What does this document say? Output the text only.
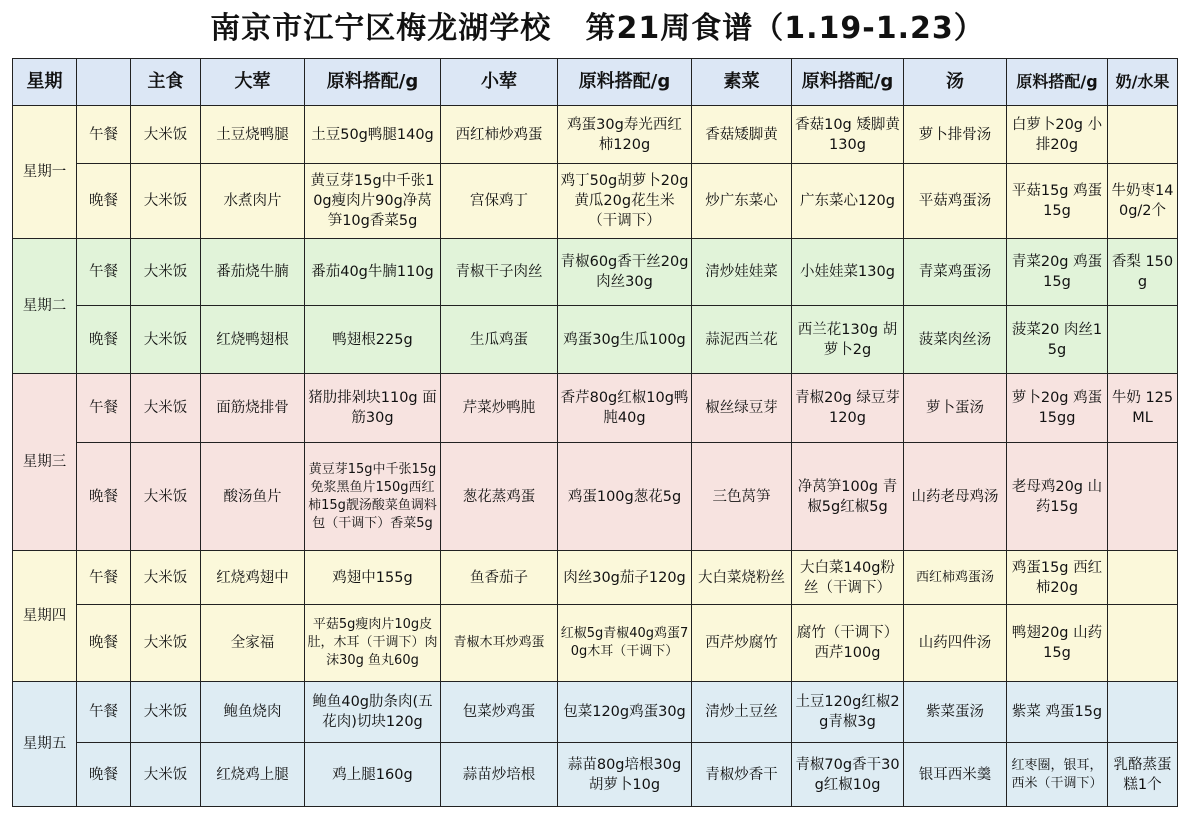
南京市江宁区梅龙湖学校   第21周食谱（1.19-1.23）
星期		主食	大荤	原料搭配/g	小荤	原料搭配/g	素菜	原料搭配/g	汤	原料搭配/g	奶/水果
星期一	午餐	大米饭	土豆烧鸭腿	土豆50g鸭腿140g	西红柿炒鸡蛋	鸡蛋30g寿光西红柿120g	香菇矮脚黄	香菇10g 矮脚黄130g	萝卜排骨汤	白萝卜20g 小排20g	
	晚餐	大米饭	水煮肉片	黄豆芽15g中千张10g瘦肉片90g净莴笋10g香菜5g	宫保鸡丁	鸡丁50g胡萝卜20g黄瓜20g花生米（干调下）	炒广东菜心	广东菜心120g	平菇鸡蛋汤	平菇15g 鸡蛋15g	牛奶枣140g/2个
星期二	午餐	大米饭	番茄烧牛腩	番茄40g牛腩110g	青椒干子肉丝	青椒60g香干丝20g肉丝30g	清炒娃娃菜	小娃娃菜130g	青菜鸡蛋汤	青菜20g 鸡蛋15g	香梨 150g
	晚餐	大米饭	红烧鸭翅根	鸭翅根225g	生瓜鸡蛋	鸡蛋30g生瓜100g	蒜泥西兰花	西兰花130g 胡萝卜2g	菠菜肉丝汤	菠菜20 肉丝15g	
星期三	午餐	大米饭	面筋烧排骨	猪肋排剁块110g 面筋30g	芹菜炒鸭肫	香芹80g红椒10g鸭肫40g	椒丝绿豆芽	青椒20g 绿豆芽120g	萝卜蛋汤	萝卜20g 鸡蛋15gg	牛奶 125ML
	晚餐	大米饭	酸汤鱼片	黄豆芽15g中千张15g免浆黑鱼片150g西红柿15g靓汤酸菜鱼调料包（干调下）香菜5g	葱花蒸鸡蛋	鸡蛋100g葱花5g	三色莴笋	净莴笋100g 青椒5g红椒5g	山药老母鸡汤	老母鸡20g 山药15g	
星期四	午餐	大米饭	红烧鸡翅中	鸡翅中155g	鱼香茄子	肉丝30g茄子120g	大白菜烧粉丝	大白菜140g粉丝（干调下）	西红柿鸡蛋汤	鸡蛋15g 西红柿20g	
	晚餐	大米饭	全家福	平菇5g瘦肉片10g皮肚，木耳（干调下）肉沫30g 鱼丸60g	青椒木耳炒鸡蛋	红椒5g青椒40g鸡蛋70g木耳（干调下）	西芹炒腐竹	腐竹（干调下）西芹100g	山药四件汤	鸭翅20g 山药15g	
星期五	午餐	大米饭	鲍鱼烧肉	鲍鱼40g肋条肉(五花肉)切块120g	包菜炒鸡蛋	包菜120g鸡蛋30g	清炒土豆丝	土豆120g红椒2g青椒3g	紫菜蛋汤	紫菜 鸡蛋15g	
	晚餐	大米饭	红烧鸡上腿	鸡上腿160g	蒜苗炒培根	蒜苗80g培根30g 胡萝卜10g	青椒炒香干	青椒70g香干30g红椒10g	银耳西米羹	红枣圈，银耳，西米（干调下）	乳酪蒸蛋糕1个
